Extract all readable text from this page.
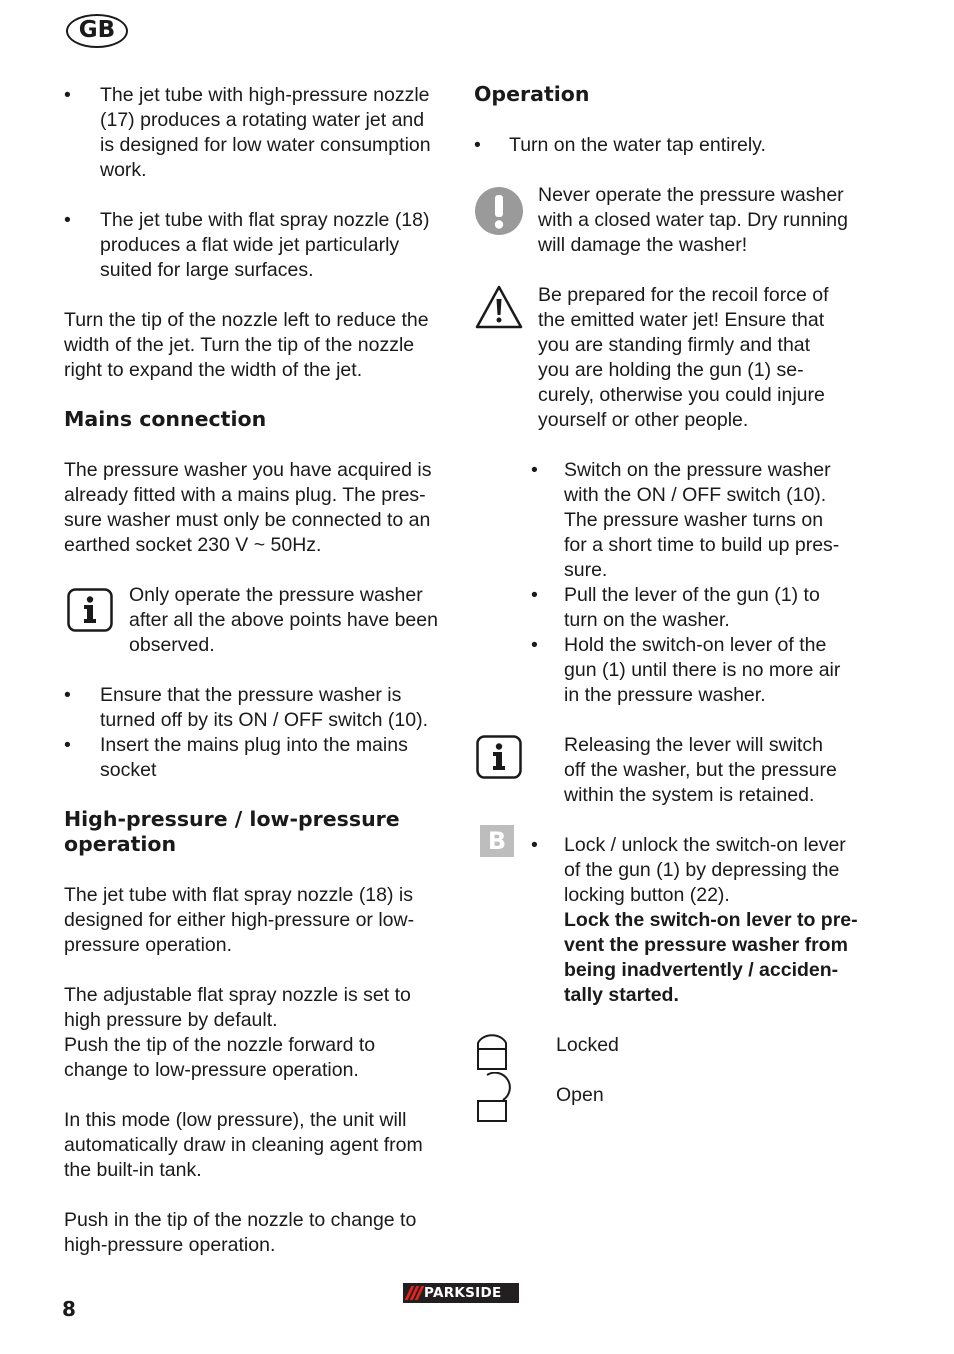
GB
• The jet tube with high-pressure nozzle
(17) produces a rotating water jet and
is designed for low water consumption
work.
• The jet tube with flat spray nozzle (18)
produces a flat wide jet particularly
suited for large surfaces.
Turn the tip of the nozzle left to reduce the
width of the jet. Turn the tip of the nozzle
right to expand the width of the jet.
Mains connection
The pressure washer you have acquired is
already fitted with a mains plug. The pres-
sure washer must only be connected to an
earthed socket 230 V ~ 50Hz.
Only operate the pressure washer
after all the above points have been
observed.
• Ensure that the pressure washer is
turned off by its ON / OFF switch (10).
• Insert the mains plug into the mains
socket
High-pressure / low-pressure
operation
The jet tube with flat spray nozzle (18) is
designed for either high-pressure or low-
pressure operation.
The adjustable flat spray nozzle is set to
high pressure by default.
Push the tip of the nozzle forward to
change to low-pressure operation.
In this mode (low pressure), the unit will
automatically draw in cleaning agent from
the built-in tank.
Push in the tip of the nozzle to change to
high-pressure operation.
Operation
• Turn on the water tap entirely.
Never operate the pressure washer
with a closed water tap. Dry running
will damage the washer!
Be prepared for the recoil force of
the emitted water jet! Ensure that
you are standing firmly and that
you are holding the gun (1) se-
curely, otherwise you could injure
yourself or other people.
• Switch on the pressure washer
with the ON / OFF switch (10).
The pressure washer turns on
for a short time to build up pres-
sure.
• Pull the lever of the gun (1) to
turn on the washer.
• Hold the switch-on lever of the
gun (1) until there is no more air
in the pressure washer.
Releasing the lever will switch
off the washer, but the pressure
within the system is retained.
B	• Lock / unlock the switch-on lever
of the gun (1) by depressing the
locking button (22).
Lock the switch-on lever to pre-
vent the pressure washer from
being inadvertently / acciden-
tally started.
Locked
Open
8
PARKSIDE
